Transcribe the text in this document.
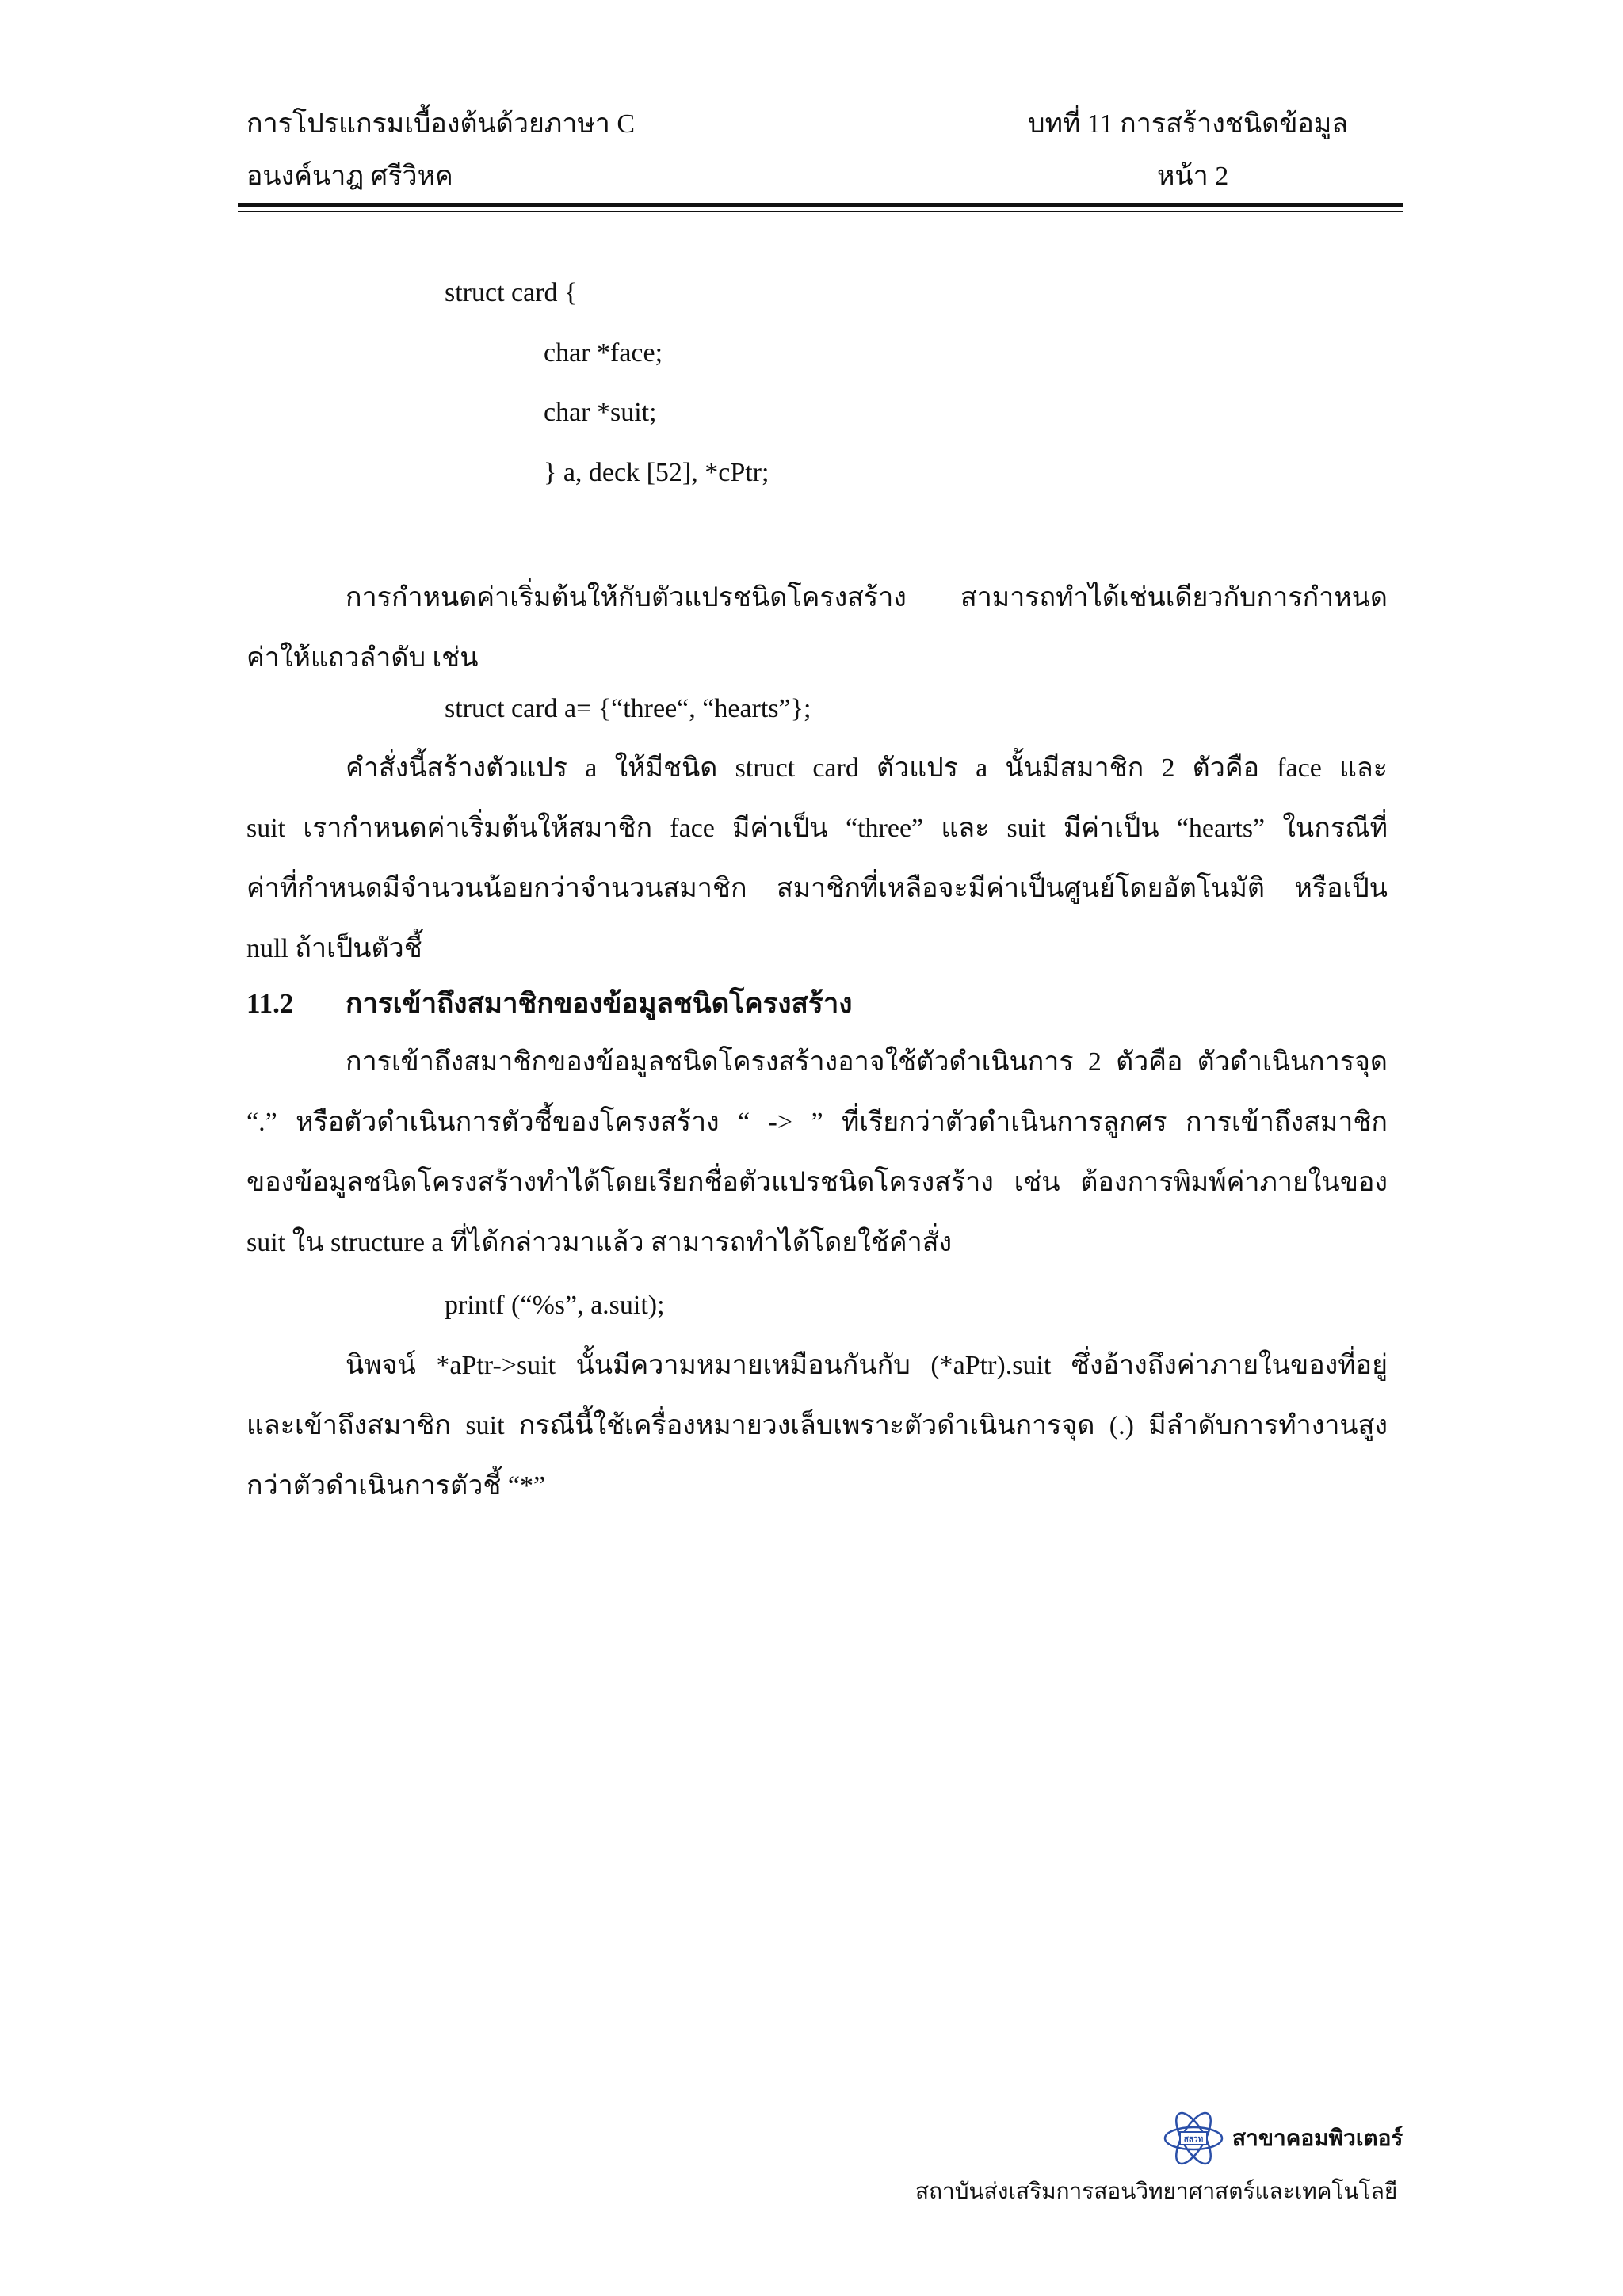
การโปรแกรมเบื้องต้นด้วยภาษา C
อนงค์นาฎ ศรีวิหค
บทที่ 11 การสร้างชนิดข้อมูล
หน้า 2
struct card {
char *face;
char *suit;
} a, deck [52], *cPtr;
การกำหนดค่าเริ่มต้นให้กับตัวแปรชนิดโครงสร้าง สามารถทำได้เช่นเดียวกับการกำหนด
ค่าให้แถวลำดับ เช่น
struct card a= {“three“, “hearts”};
คำสั่งนี้สร้างตัวแปร a ให้มีชนิด struct card ตัวแปร a นั้นมีสมาชิก 2 ตัวคือ face และ
suit เรากำหนดค่าเริ่มต้นให้สมาชิก face มีค่าเป็น “three” และ suit มีค่าเป็น “hearts” ในกรณีที่
ค่าที่กำหนดมีจำนวนน้อยกว่าจำนวนสมาชิก สมาชิกที่เหลือจะมีค่าเป็นศูนย์โดยอัตโนมัติ หรือเป็น
null ถ้าเป็นตัวชี้
11.2 การเข้าถึงสมาชิกของข้อมูลชนิดโครงสร้าง
การเข้าถึงสมาชิกของข้อมูลชนิดโครงสร้างอาจใช้ตัวดำเนินการ 2 ตัวคือ ตัวดำเนินการจุด
“.” หรือตัวดำเนินการตัวชี้ของโครงสร้าง “ -> ” ที่เรียกว่าตัวดำเนินการลูกศร การเข้าถึงสมาชิก
ของข้อมูลชนิดโครงสร้างทำได้โดยเรียกชื่อตัวแปรชนิดโครงสร้าง เช่น ต้องการพิมพ์ค่าภายในของ
suit ใน structure a ที่ได้กล่าวมาแล้ว สามารถทำได้โดยใช้คำสั่ง
printf (“%s”, a.suit);
นิพจน์ *aPtr->suit นั้นมีความหมายเหมือนกันกับ (*aPtr).suit ซึ่งอ้างถึงค่าภายในของที่อยู่
และเข้าถึงสมาชิก suit กรณีนี้ใช้เครื่องหมายวงเล็บเพราะตัวดำเนินการจุด (.) มีลำดับการทำงานสูง
กว่าตัวดำเนินการตัวชี้ “*”
สสวท สาขาคอมพิวเตอร์
สถาบันส่งเสริมการสอนวิทยาศาสตร์และเทคโนโลยี
